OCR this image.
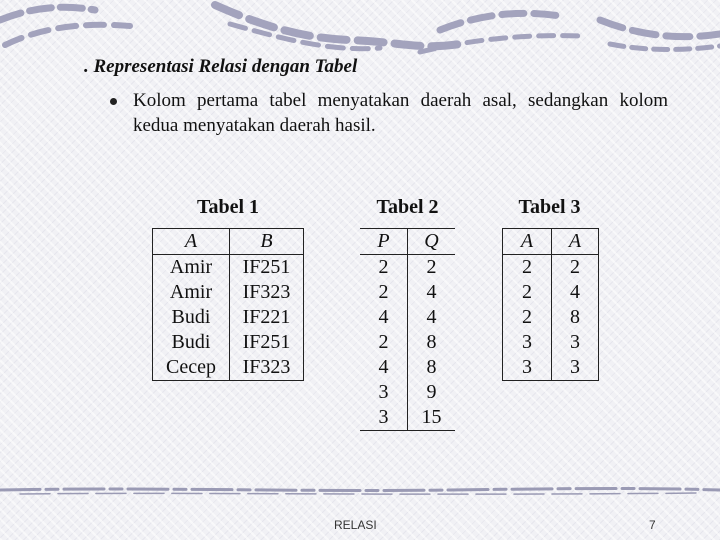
. Representasi Relasi dengan Tabel
Kolom pertama tabel menyatakan daerah asal, sedangkan kolom kedua menyatakan daerah hasil.
Tabel 1
A	B
Amir	IF251
Amir	IF323
Budi	IF221
Budi	IF251
Cecep	IF323
Tabel 2
P	Q
2	2
2	4
4	4
2	8
4	8
3	9
3	15
Tabel 3
A	A
2	2
2	4
2	8
3	3
3	3
RELASI	7
